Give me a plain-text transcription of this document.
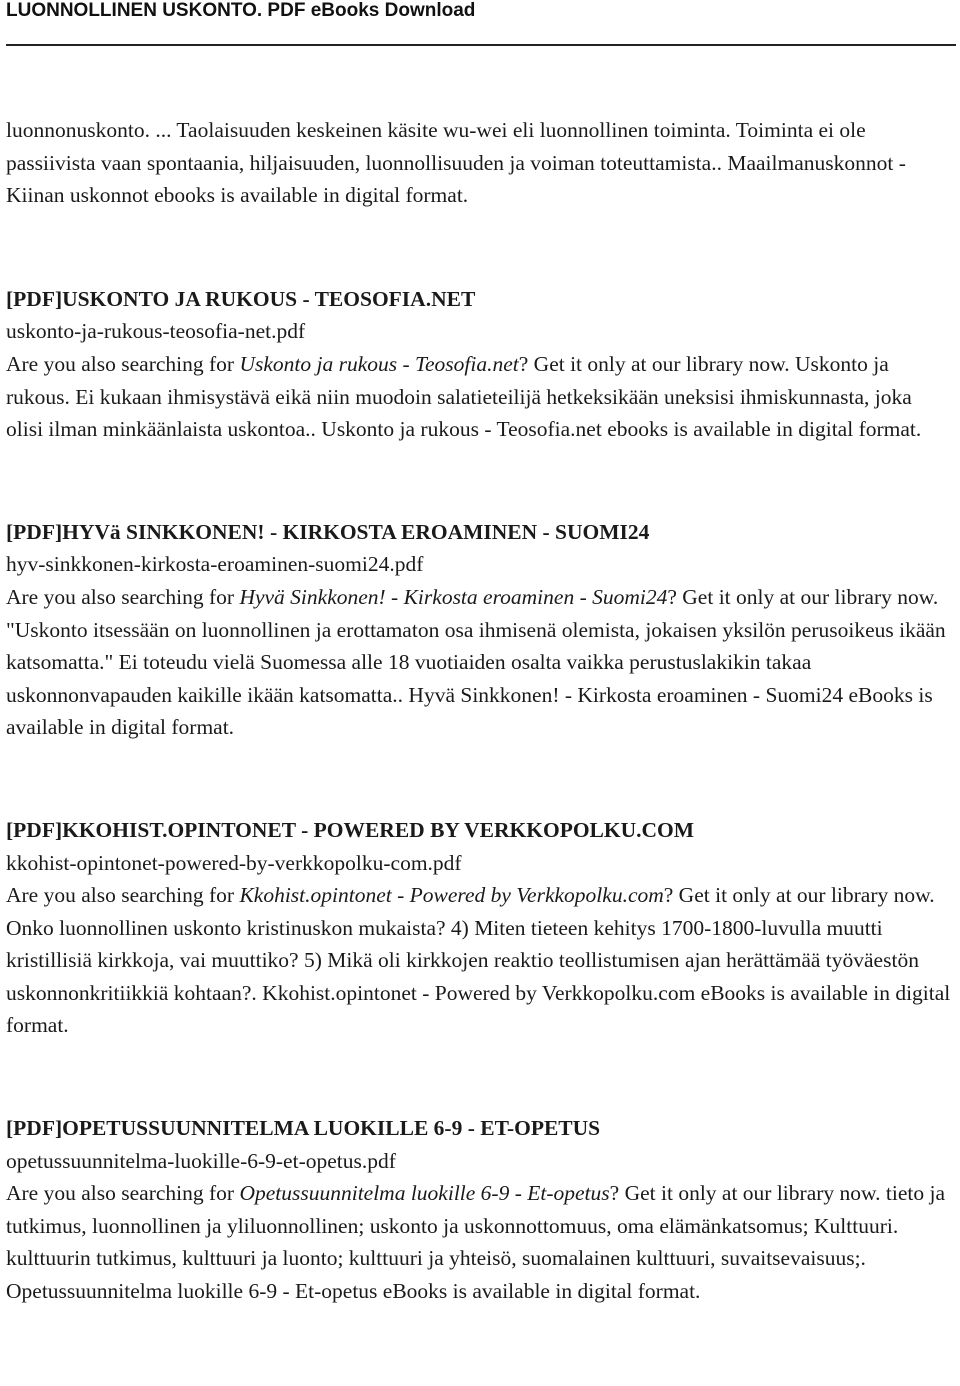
LUONNOLLINEN USKONTO. PDF eBooks Download

luonnonuskonto. ... Taolaisuuden keskeinen käsite wu-wei eli luonnollinen toiminta. Toiminta ei ole passiivista vaan spontaania, hiljaisuuden, luonnollisuuden ja voiman toteuttamista.. Maailmanuskonnot - Kiinan uskonnot ebooks is available in digital format.

[PDF]USKONTO JA RUKOUS - TEOSOFIA.NET

uskonto-ja-rukous-teosofia-net.pdf

Are you also searching for Uskonto ja rukous - Teosofia.net? Get it only at our library now. Uskonto ja rukous. Ei kukaan ihmisystävä eikä niin muodoin salatieteilijä hetkeksikään uneksisi ihmiskunnasta, joka olisi ilman minkäänlaista uskontoa.. Uskonto ja rukous - Teosofia.net ebooks is available in digital format.

[PDF]HYVä SINKKONEN! - KIRKOSTA EROAMINEN - SUOMI24

hyv-sinkkonen-kirkosta-eroaminen-suomi24.pdf

Are you also searching for Hyvä Sinkkonen! - Kirkosta eroaminen - Suomi24? Get it only at our library now. "Uskonto itsessään on luonnollinen ja erottamaton osa ihmisenä olemista, jokaisen yksilön perusoikeus ikään katsomatta." Ei toteudu vielä Suomessa alle 18 vuotiaiden osalta vaikka perustuslakikin takaa uskonnonvapauden kaikille ikään katsomatta.. Hyvä Sinkkonen! - Kirkosta eroaminen - Suomi24 eBooks is available in digital format.

[PDF]KKOHIST.OPINTONET - POWERED BY VERKKOPOLKU.COM

kkohist-opintonet-powered-by-verkkopolku-com.pdf

Are you also searching for Kkohist.opintonet - Powered by Verkkopolku.com? Get it only at our library now. Onko luonnollinen uskonto kristinuskon mukaista? 4) Miten tieteen kehitys 1700-1800-luvulla muutti kristillisiä kirkkoja, vai muuttiko? 5) Mikä oli kirkkojen reaktio teollistumisen ajan herättämää työväestön uskonnonkritiikkiä kohtaan?. Kkohist.opintonet - Powered by Verkkopolku.com eBooks is available in digital format.

[PDF]OPETUSSUUNNITELMA LUOKILLE 6-9 - ET-OPETUS

opetussuunnitelma-luokille-6-9-et-opetus.pdf

Are you also searching for Opetussuunnitelma luokille 6-9 - Et-opetus? Get it only at our library now. tieto ja tutkimus, luonnollinen ja yliluonnollinen; uskonto ja uskonnottomuus, oma elämänkatsomus; Kulttuuri. kulttuurin tutkimus, kulttuuri ja luonto; kulttuuri ja yhteisö, suomalainen kulttuuri, suvaitsevaisuus;. Opetussuunnitelma luokille 6-9 - Et-opetus eBooks is available in digital format.
